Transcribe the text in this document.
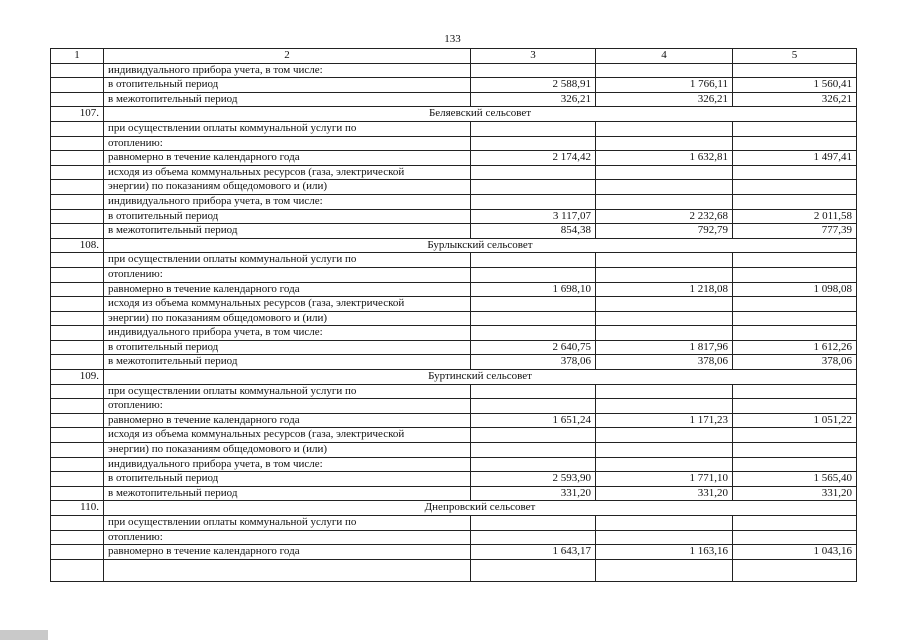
133
1	2	3	4	5
	индивидуального прибора учета, в том числе:			
	в отопительный период	2 588,91	1 766,11	1 560,41
	в межотопительный период	326,21	326,21	326,21
107.	Беляевский сельсовет			
	при осуществлении оплаты коммунальной услуги по			
	отоплению:			
	равномерно в течение календарного года	2 174,42	1 632,81	1 497,41
	исходя из объема коммунальных ресурсов (газа, электрической			
	энергии) по показаниям общедомового и (или)			
	индивидуального прибора учета, в том числе:			
	в отопительный период	3 117,07	2 232,68	2 011,58
	в межотопительный период	854,38	792,79	777,39
108.	Бурлыкский сельсовет			
	при осуществлении оплаты коммунальной услуги по			
	отоплению:			
	равномерно в течение календарного года	1 698,10	1 218,08	1 098,08
	исходя из объема коммунальных ресурсов (газа, электрической			
	энергии) по показаниям общедомового и (или)			
	индивидуального прибора учета, в том числе:			
	в отопительный период	2 640,75	1 817,96	1 612,26
	в межотопительный период	378,06	378,06	378,06
109.	Буртинский сельсовет			
	при осуществлении оплаты коммунальной услуги по			
	отоплению:			
	равномерно в течение календарного года	1 651,24	1 171,23	1 051,22
	исходя из объема коммунальных ресурсов (газа, электрической			
	энергии) по показаниям общедомового и (или)			
	индивидуального прибора учета, в том числе:			
	в отопительный период	2 593,90	1 771,10	1 565,40
	в межотопительный период	331,20	331,20	331,20
110.	Днепровский сельсовет			
	при осуществлении оплаты коммунальной услуги по			
	отоплению:			
	равномерно в течение календарного года	1 643,17	1 163,16	1 043,16
